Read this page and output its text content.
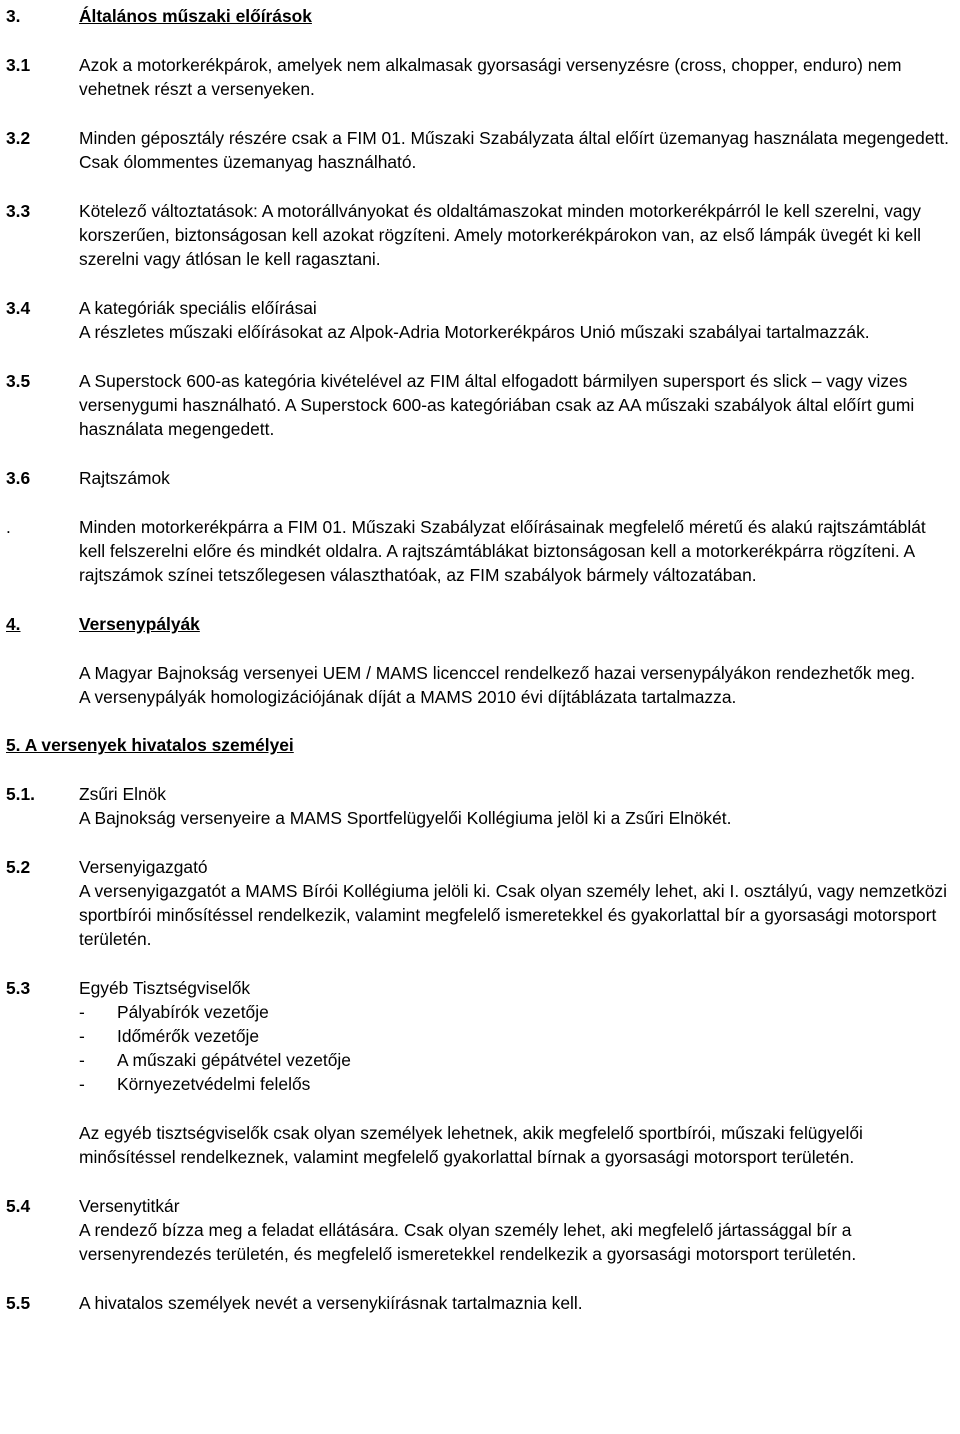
3.	Általános műszaki előírások
3.1	Azok a motorkerékpárok, amelyek nem alkalmasak gyorsasági versenyzésre (cross, chopper, enduro) nem vehetnek részt a versenyeken.
3.2	Minden géposztály részére csak a FIM 01. Műszaki Szabályzata által előírt üzemanyag használata megengedett. Csak ólommentes üzemanyag használható.
3.3	Kötelező változtatások: A motorállványokat és oldaltámaszokat minden motorkerékpárról le kell szerelni, vagy korszerűen, biztonságosan kell azokat rögzíteni. Amely motorkerékpárokon van, az első lámpák üvegét ki kell szerelni vagy átlósan le kell ragasztani.
3.4	A kategóriák speciális előírásai
A részletes műszaki előírásokat az Alpok-Adria Motorkerékpáros Unió műszaki szabályai tartalmazzák.
3.5	A Superstock 600-as kategória kivételével az FIM által elfogadott bármilyen supersport és slick – vagy vizes versenygumi használható. A Superstock 600-as kategóriában csak az AA műszaki szabályok által előírt gumi használata megengedett.
3.6	Rajtszámok
.	Minden motorkerékpárra a FIM 01. Műszaki Szabályzat előírásainak megfelelő méretű és alakú rajtszámtáblát kell felszerelni előre és mindkét oldalra. A rajtszámtáblákat biztonságosan kell a motorkerékpárra rögzíteni. A rajtszámok színei tetszőlegesen választhatóak, az FIM szabályok bármely változatában.
4.	Versenypályák
A Magyar Bajnokság versenyei UEM / MAMS licenccel rendelkező hazai versenypályákon rendezhetők meg.
A versenypályák homologizációjának díját a MAMS 2010 évi díjtáblázata tartalmazza.
5. A versenyek hivatalos személyei
5.1.	Zsűri Elnök
A Bajnokság versenyeire a MAMS Sportfelügyelői Kollégiuma jelöl ki a Zsűri Elnökét.
5.2	Versenyigazgató
A versenyigazgatót a MAMS Bírói Kollégiuma jelöli ki. Csak olyan személy lehet, aki I. osztályú, vagy nemzetközi sportbírói minősítéssel rendelkezik, valamint megfelelő ismeretekkel és gyakorlattal bír a gyorsasági motorsport területén.
5.3	Egyéb Tisztségviselők
-	Pályabírók vezetője
-	Időmérők vezetője
-	A műszaki gépátvétel vezetője
-	Környezetvédelmi felelős
Az egyéb tisztségviselők csak olyan személyek lehetnek, akik megfelelő sportbírói, műszaki felügyelői minősítéssel rendelkeznek, valamint megfelelő gyakorlattal bírnak a gyorsasági motorsport területén.
5.4	Versenytitkár
A rendező bízza meg a feladat ellátására. Csak olyan személy lehet, aki megfelelő jártassággal bír a versenyrendezés területén, és megfelelő ismeretekkel rendelkezik a gyorsasági motorsport területén.
5.5	A hivatalos személyek nevét a versenykiírásnak tartalmaznia kell.
